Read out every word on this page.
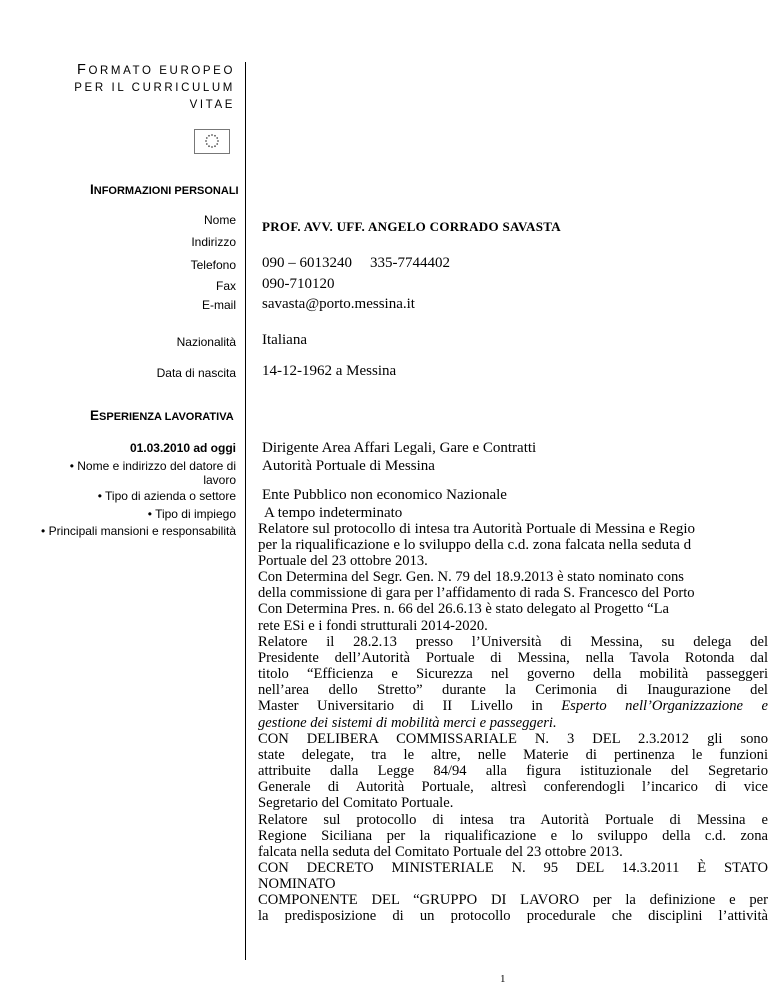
FORMATO EUROPEO
PER IL CURRICULUM
VITAE
INFORMAZIONI PERSONALI
Nome PROF. AVV. UFF. ANGELO CORRADO SAVASTA
Indirizzo
Telefono 090 – 6013240 335-7744402
Fax 090-710120
E-mail savasta@porto.messina.it
Nazionalità Italiana
Data di nascita 14-12-1962 a Messina
ESPERIENZA LAVORATIVA
01.03.2010 ad oggi
• Nome e indirizzo del datore di
lavoro
• Tipo di azienda o settore
• Tipo di impiego
• Principali mansioni e responsabilità
Dirigente Area Affari Legali, Gare e Contratti
Autorità Portuale di Messina
Ente Pubblico non economico Nazionale
A tempo indeterminato
Relatore sul protocollo di intesa tra Autorità Portuale di Messina e Regio
per la riqualificazione e lo sviluppo della c.d. zona falcata nella seduta d

Portuale del 23 ottobre 2013.

Con Determina del Segr. Gen. N. 79 del 18.9.2013 è stato nominato cons

della commissione di gara per l’affidamento di rada S. Francesco del Porto

Con Determina Pres. n. 66 del 26.6.13 è stato delegato al Progetto “La

rete ESi e i fondi strutturali 2014-2020.

Relatore il 28.2.13 presso l’Università di Messina, su delega del

Presidente dell’Autorità Portuale di Messina, nella Tavola Rotonda dal

titolo “Efficienza e Sicurezza nel governo della mobilità passeggeri

nell’area dello Stretto” durante la Cerimonia di Inaugurazione del

Master Universitario di II Livello in Esperto nell’Organizzazione e

gestione dei sistemi di mobilità merci e passeggeri.

CON DELIBERA COMMISSARIALE N. 3 DEL 2.3.2012 gli sono

state delegate, tra le altre, nelle Materie di pertinenza le funzioni

attribuite dalla Legge 84/94 alla figura istituzionale del Segretario

Generale di Autorità Portuale, altresì conferendogli l’incarico di vice

Segretario del Comitato Portuale.

Relatore sul protocollo di intesa tra Autorità Portuale di Messina e

Regione Siciliana per la riqualificazione e lo sviluppo della c.d. zona

falcata nella seduta del Comitato Portuale del 23 ottobre 2013.

CON DECRETO MINISTERIALE N. 95 DEL 14.3.2011 È STATO

NOMINATO

COMPONENTE DEL “GRUPPO DI LAVORO per la definizione e per

la predisposizione di un protocollo procedurale che disciplini l’attività

1
